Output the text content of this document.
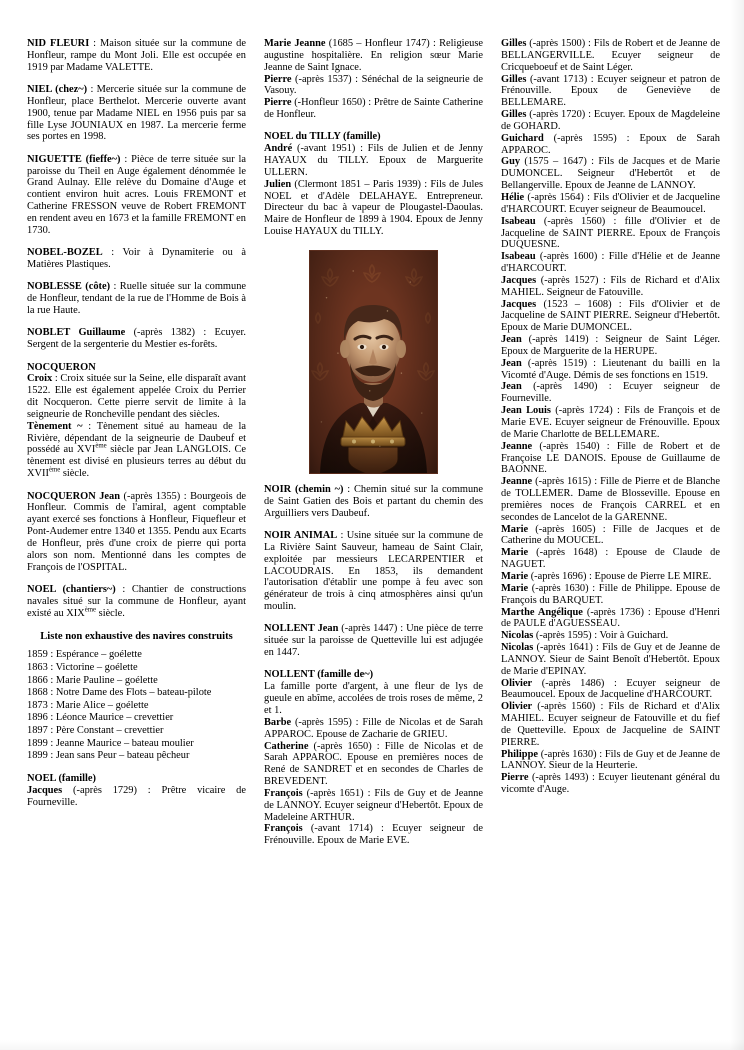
NID FLEURI : Maison située sur la commune de Honfleur, rampe du Mont Joli. Elle est occupée en 1919 par Madame VALETTE.

NIEL (chez~) : Mercerie située sur la commune de Honfleur, place Berthelot. Mercerie ouverte avant 1900, tenue par Madame NIEL en 1956 puis par sa fille Lyse JOUNIAUX en 1987. La mercerie ferme ses portes en 1998.

NIGUETTE (fieffe~) : Pièce de terre située sur la paroisse du Theil en Auge également dénommée le Grand Aulnay. Elle relève du Domaine d'Auge et contient environ huit acres. Louis FREMONT et Catherine FRESSON veuve de Robert FREMONT en rendent aveu en 1673 et la famille FREMONT en 1730.

NOBEL-BOZEL : Voir à Dynamiterie ou à Matières Plastiques.

NOBLESSE (côte) : Ruelle située sur la commune de Honfleur, tendant de la rue de l'Homme de Bois à la rue Haute.

NOBLET Guillaume (-après 1382) : Ecuyer. Sergent de la sergenterie du Mestier es-forêts.

NOCQUERON

Croix : Croix située sur la Seine, elle disparaît avant 1522. Elle est également appelée Croix du Perrier dit Nocqueron. Cette pierre servit de limite à la seigneurie de Roncheville pendant des siècles.

Tènement ~ : Tènement situé au hameau de la Rivière, dépendant de la seigneurie de Daubeuf et possédé au XVIème siècle par Jean LANGLOIS. Ce tènement est divisé en plusieurs terres au début du XVIIème siècle.

NOCQUERON Jean (-après 1355) : Bourgeois de Honfleur. Commis de l'amiral, agent comptable ayant exercé ses fonctions à Honfleur, Fiquefleur et Pont-Audemer entre 1340 et 1355. Pendu aux Ecarts de Honfleur, près d'une croix de pierre qui porta alors son nom. Mentionné dans les comptes de François de l'OSPITAL.

NOEL (chantiers~) : Chantier de constructions navales situé sur la commune de Honfleur, ayant existé au XIXème siècle.

Liste non exhaustive des navires construits

1859 : Espérance – goélette
1863 : Victorine – goélette
1866 : Marie Pauline – goélette
1868 : Notre Dame des Flots – bateau-pilote
1873 : Marie Alice – goélette
1896 : Léonce Maurice – crevettier
1897 : Père Constant – crevettier
1899 : Jeanne Maurice – bateau moulier
1899 : Jean sans Peur – bateau pêcheur

NOEL (famille)

Jacques (-après 1729) : Prêtre vicaire de Fourneville.

Marie Jeanne (1685 – Honfleur 1747) : Religieuse augustine hospitalière. En religion sœur Marie Jeanne de Saint Ignace.

Pierre (-après 1537) : Sénéchal de la seigneurie de Vasouy.

Pierre (-Honfleur 1650) : Prêtre de Sainte Catherine de Honfleur.

NOEL du TILLY (famille)

André (-avant 1951) : Fils de Julien et de Jenny HAYAUX du TILLY. Epoux de Marguerite ULLERN.

Julien (Clermont 1851 – Paris 1939) : Fils de Jules NOEL et d'Adèle DELAHAYE. Entrepreneur. Directeur du bac à vapeur de Plougastel-Daoulas. Maire de Honfleur de 1899 à 1904. Epoux de Jenny Louise HAYAUX du TILLY.

NOIR (chemin ~) : Chemin situé sur la commune de Saint Gatien des Bois et partant du chemin des Arguilliers vers Daubeuf.

NOIR ANIMAL : Usine située sur la commune de La Rivière Saint Sauveur, hameau de Saint Clair, exploitée par messieurs LECARPENTIER et LACOUDRAIS. En 1853, ils demandent l'autorisation d'établir une pompe à feu avec son générateur de trois à cinq atmosphères ainsi qu'un moulin.

NOLLENT Jean (-après 1447) : Une pièce de terre située sur la paroisse de Quetteville lui est adjugée en 1447.

NOLLENT (famille de~)

La famille porte d'argent, à une fleur de lys de gueule en abîme, accolées de trois roses de même, 2 et 1.

Barbe (-après 1595) : Fille de Nicolas et de Sarah APPAROC. Epouse de Zacharie de GRIEU.

Catherine (-après 1650) : Fille de Nicolas et de Sarah APPAROC. Epouse en premières noces de René de SANDRET et en secondes de Charles de BREVEDENT.

François (-après 1651) : Fils de Guy et de Jeanne de LANNOY. Ecuyer seigneur d'Hebertôt. Epoux de Madeleine ARTHUR.

François (-avant 1714) : Ecuyer seigneur de Frénouville. Epoux de Marie EVE.

Gilles (-après 1500) : Fils de Robert et de Jeanne de BELLANGERVILLE. Ecuyer seigneur de Cricqueboeuf et de Saint Léger.

Gilles (-avant 1713) : Ecuyer seigneur et patron de Frénouville. Epoux de Geneviève de BELLEMARE.

Gilles (-après 1720) : Ecuyer. Epoux de Magdeleine de GOHARD.

Guichard (-après 1595) : Epoux de Sarah APPAROC.

Guy (1575 – 1647) : Fils de Jacques et de Marie DUMONCEL. Seigneur d'Hebertôt et de Bellangerville. Epoux de Jeanne de LANNOY.

Hélie (-après 1564) : Fils d'Olivier et de Jacqueline d'HARCOURT. Ecuyer seigneur de Beaumoucel.

Isabeau (-après 1560) : fille d'Olivier et de Jacqueline de SAINT PIERRE. Epoux de François DUQUESNE.

Isabeau (-après 1600) : Fille d'Hélie et de Jeanne d'HARCOURT.

Jacques (-après 1527) : Fils de Richard et d'Alix MAHIEL. Seigneur de Fatouville.

Jacques (1523 – 1608) : Fils d'Olivier et de Jacqueline de SAINT PIERRE. Seigneur d'Hebertôt. Epoux de Marie DUMONCEL.

Jean (-après 1419) : Seigneur de Saint Léger. Epoux de Marguerite de la HERUPE.

Jean (-après 1519) : Lieutenant du bailli en la Vicomté d'Auge. Démis de ses fonctions en 1519.

Jean (-après 1490) : Ecuyer seigneur de Fourneville.

Jean Louis (-après 1724) : Fils de François et de Marie EVE. Ecuyer seigneur de Frénouville. Epoux de Marie Charlotte de BELLEMARE.

Jeanne (-après 1540) : Fille de Robert et de Françoise LE DANOIS. Epouse de Guillaume de BAONNE.

Jeanne (-après 1615) : Fille de Pierre et de Blanche de TOLLEMER. Dame de Blosseville. Epouse en premières noces de François CARREL et en secondes de Lancelot de la GARENNE.

Marie (-après 1605) : Fille de Jacques et de Catherine du MOUCEL.

Marie (-après 1648) : Epouse de Claude de NAGUET.

Marie (-après 1696) : Epouse de Pierre LE MIRE.

Marie (-après 1630) : Fille de Philippe. Epouse de François du BARQUET.

Marthe Angélique (-après 1736) : Epouse d'Henri de PAULE d'AGUESSEAU.

Nicolas (-après 1595) : Voir à Guichard.

Nicolas (-après 1641) : Fils de Guy et de Jeanne de LANNOY. Sieur de Saint Benoît d'Hebertôt. Epoux de Marie d'EPINAY.

Olivier (-après 1486) : Ecuyer seigneur de Beaumoucel. Epoux de Jacqueline d'HARCOURT.

Olivier (-après 1560) : Fils de Richard et d'Alix MAHIEL. Ecuyer seigneur de Fatouville et du fief de Quetteville. Epoux de Jacqueline de SAINT PIERRE.

Philippe (-après 1630) : Fils de Guy et de Jeanne de LANNOY. Sieur de la Heurterie.

Pierre (-après 1493) : Ecuyer lieutenant général du vicomte d'Auge.
